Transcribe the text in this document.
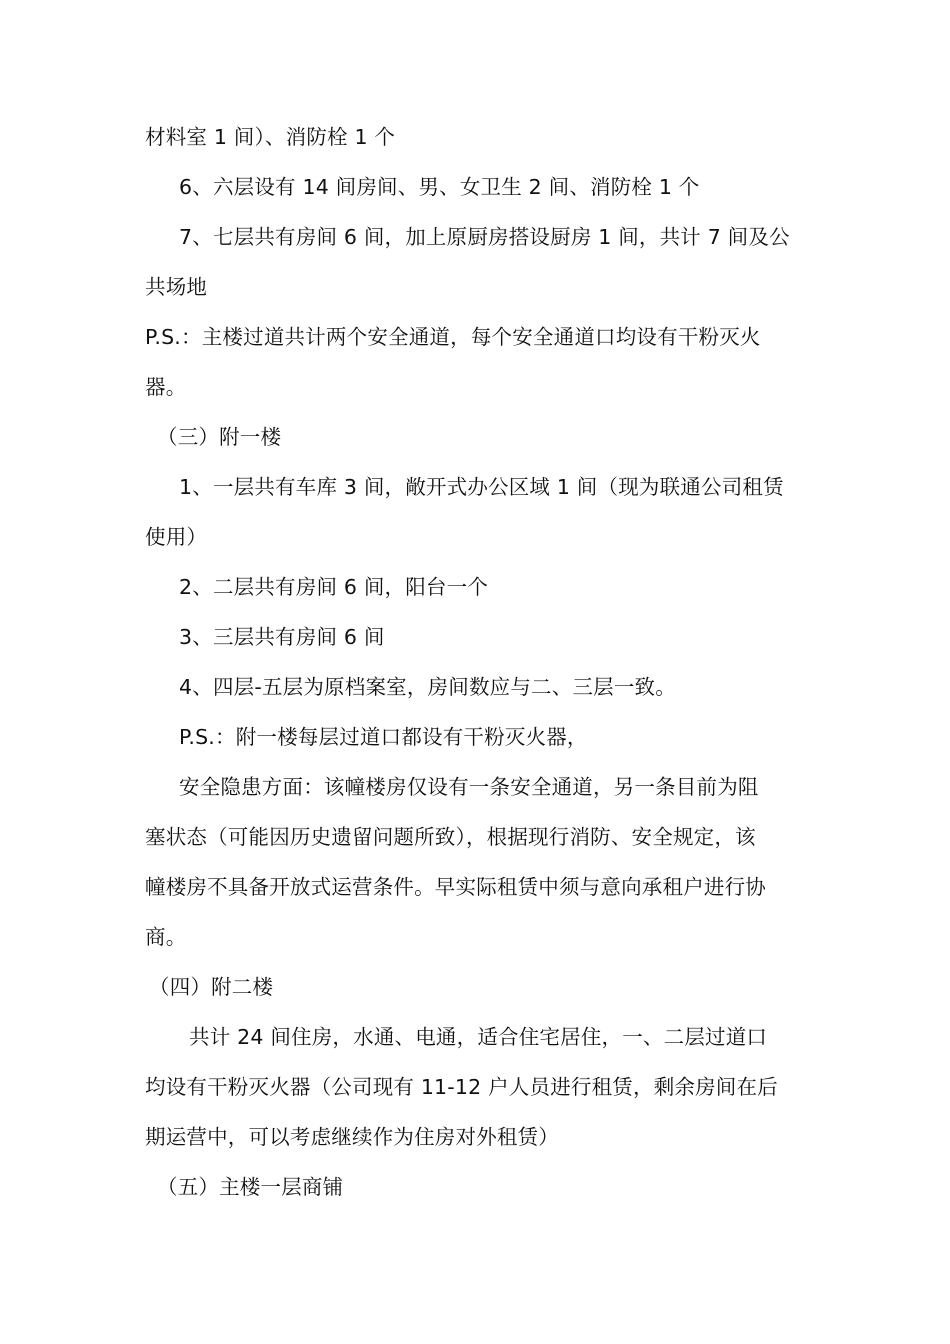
材料室 1 间）、消防栓 1 个
6、六层设有 14 间房间、男、女卫生 2 间、消防栓 1 个
7、七层共有房间 6 间，加上原厨房搭设厨房 1 间，共计 7 间及公
共场地
P.S.：主楼过道共计两个安全通道，每个安全通道口均设有干粉灭火
器。
（三）附一楼
1、一层共有车库 3 间，敞开式办公区域 1 间（现为联通公司租赁
使用）
2、二层共有房间 6 间，阳台一个
3、三层共有房间 6 间
4、四层-五层为原档案室，房间数应与二、三层一致。
P.S.：附一楼每层过道口都设有干粉灭火器，
安全隐患方面：该幢楼房仅设有一条安全通道，另一条目前为阻
塞状态（可能因历史遗留问题所致），根据现行消防、安全规定，该
幢楼房不具备开放式运营条件。早实际租赁中须与意向承租户进行协
商。
（四）附二楼
共计 24 间住房，水通、电通，适合住宅居住，一、二层过道口
均设有干粉灭火器（公司现有 11-12 户人员进行租赁，剩余房间在后
期运营中，可以考虑继续作为住房对外租赁）
（五）主楼一层商铺
